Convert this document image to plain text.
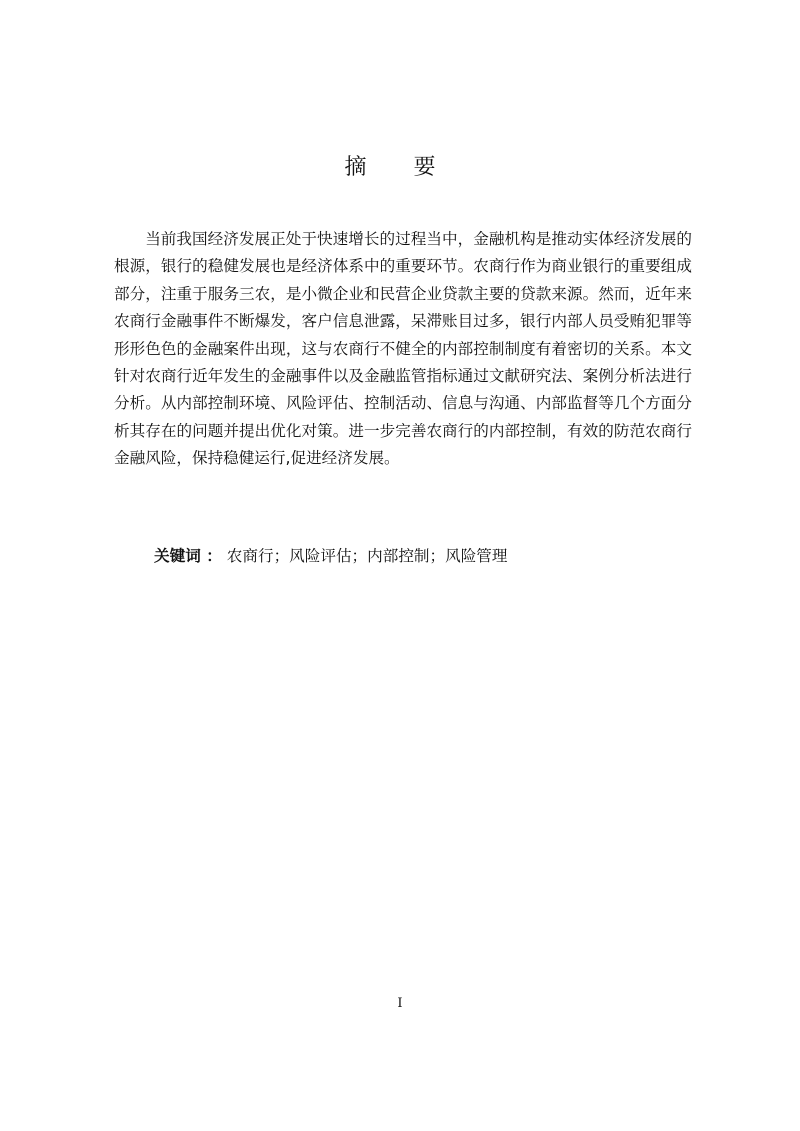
摘 要

当前我国经济发展正处于快速增长的过程当中，金融机构是推动实体经济发展的根源，银行的稳健发展也是经济体系中的重要环节。农商行作为商业银行的重要组成部分，注重于服务三农，是小微企业和民营企业贷款主要的贷款来源。然而，近年来农商行金融事件不断爆发，客户信息泄露，呆滞账目过多，银行内部人员受贿犯罪等形形色色的金融案件出现，这与农商行不健全的内部控制制度有着密切的关系。本文针对农商行近年发生的金融事件以及金融监管指标通过文献研究法、案例分析法进行分析。从内部控制环境、风险评估、控制活动、信息与沟通、内部监督等几个方面分析其存在的问题并提出优化对策。进一步完善农商行的内部控制，有效的防范农商行金融风险，保持稳健运行,促进经济发展。

关键词 ： 农商行；风险评估；内部控制；风险管理
I
